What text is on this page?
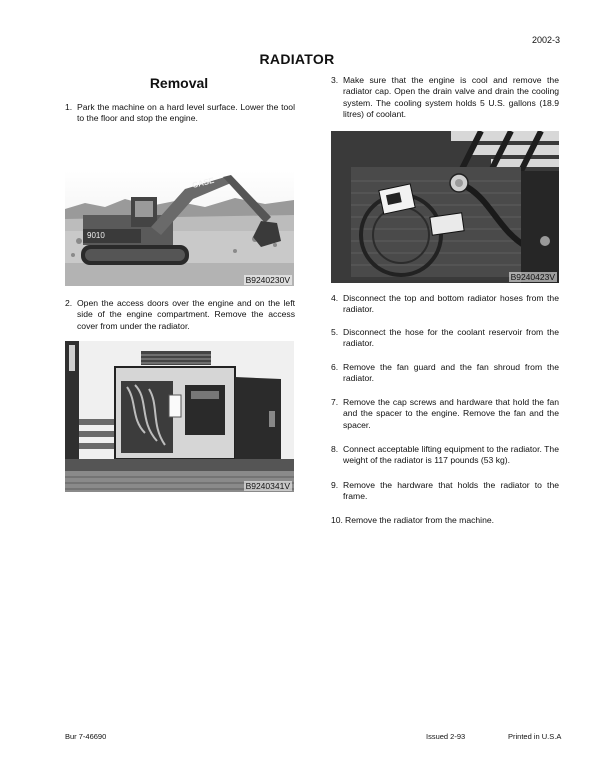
2002-3
RADIATOR
Removal
1. Park the machine on a hard level surface. Lower the tool to the floor and stop the engine.
9010
CASE
B9240230V
2. Open the access doors over the engine and on the left side of the engine compartment. Remove the access cover from under the radiator.
B9240341V
3. Make sure that the engine is cool and remove the radiator cap. Open the drain valve and drain the cooling system. The cooling system holds 5 U.S. gallons (18.9 litres) of coolant.
B9240423V
4. Disconnect the top and bottom radiator hoses from the radiator.
5. Disconnect the hose for the coolant reservoir from the radiator.
6. Remove the fan guard and the fan shroud from the radiator.
7. Remove the cap screws and hardware that hold the fan and the spacer to the engine. Remove the fan and the spacer.
8. Connect acceptable lifting equipment to the radiator. The weight of the radiator is 117 pounds (53 kg).
9. Remove the hardware that holds the radiator to the frame.
10. Remove the radiator from the machine.
Bur 7-46690	Issued 2-93	Printed in U.S.A
